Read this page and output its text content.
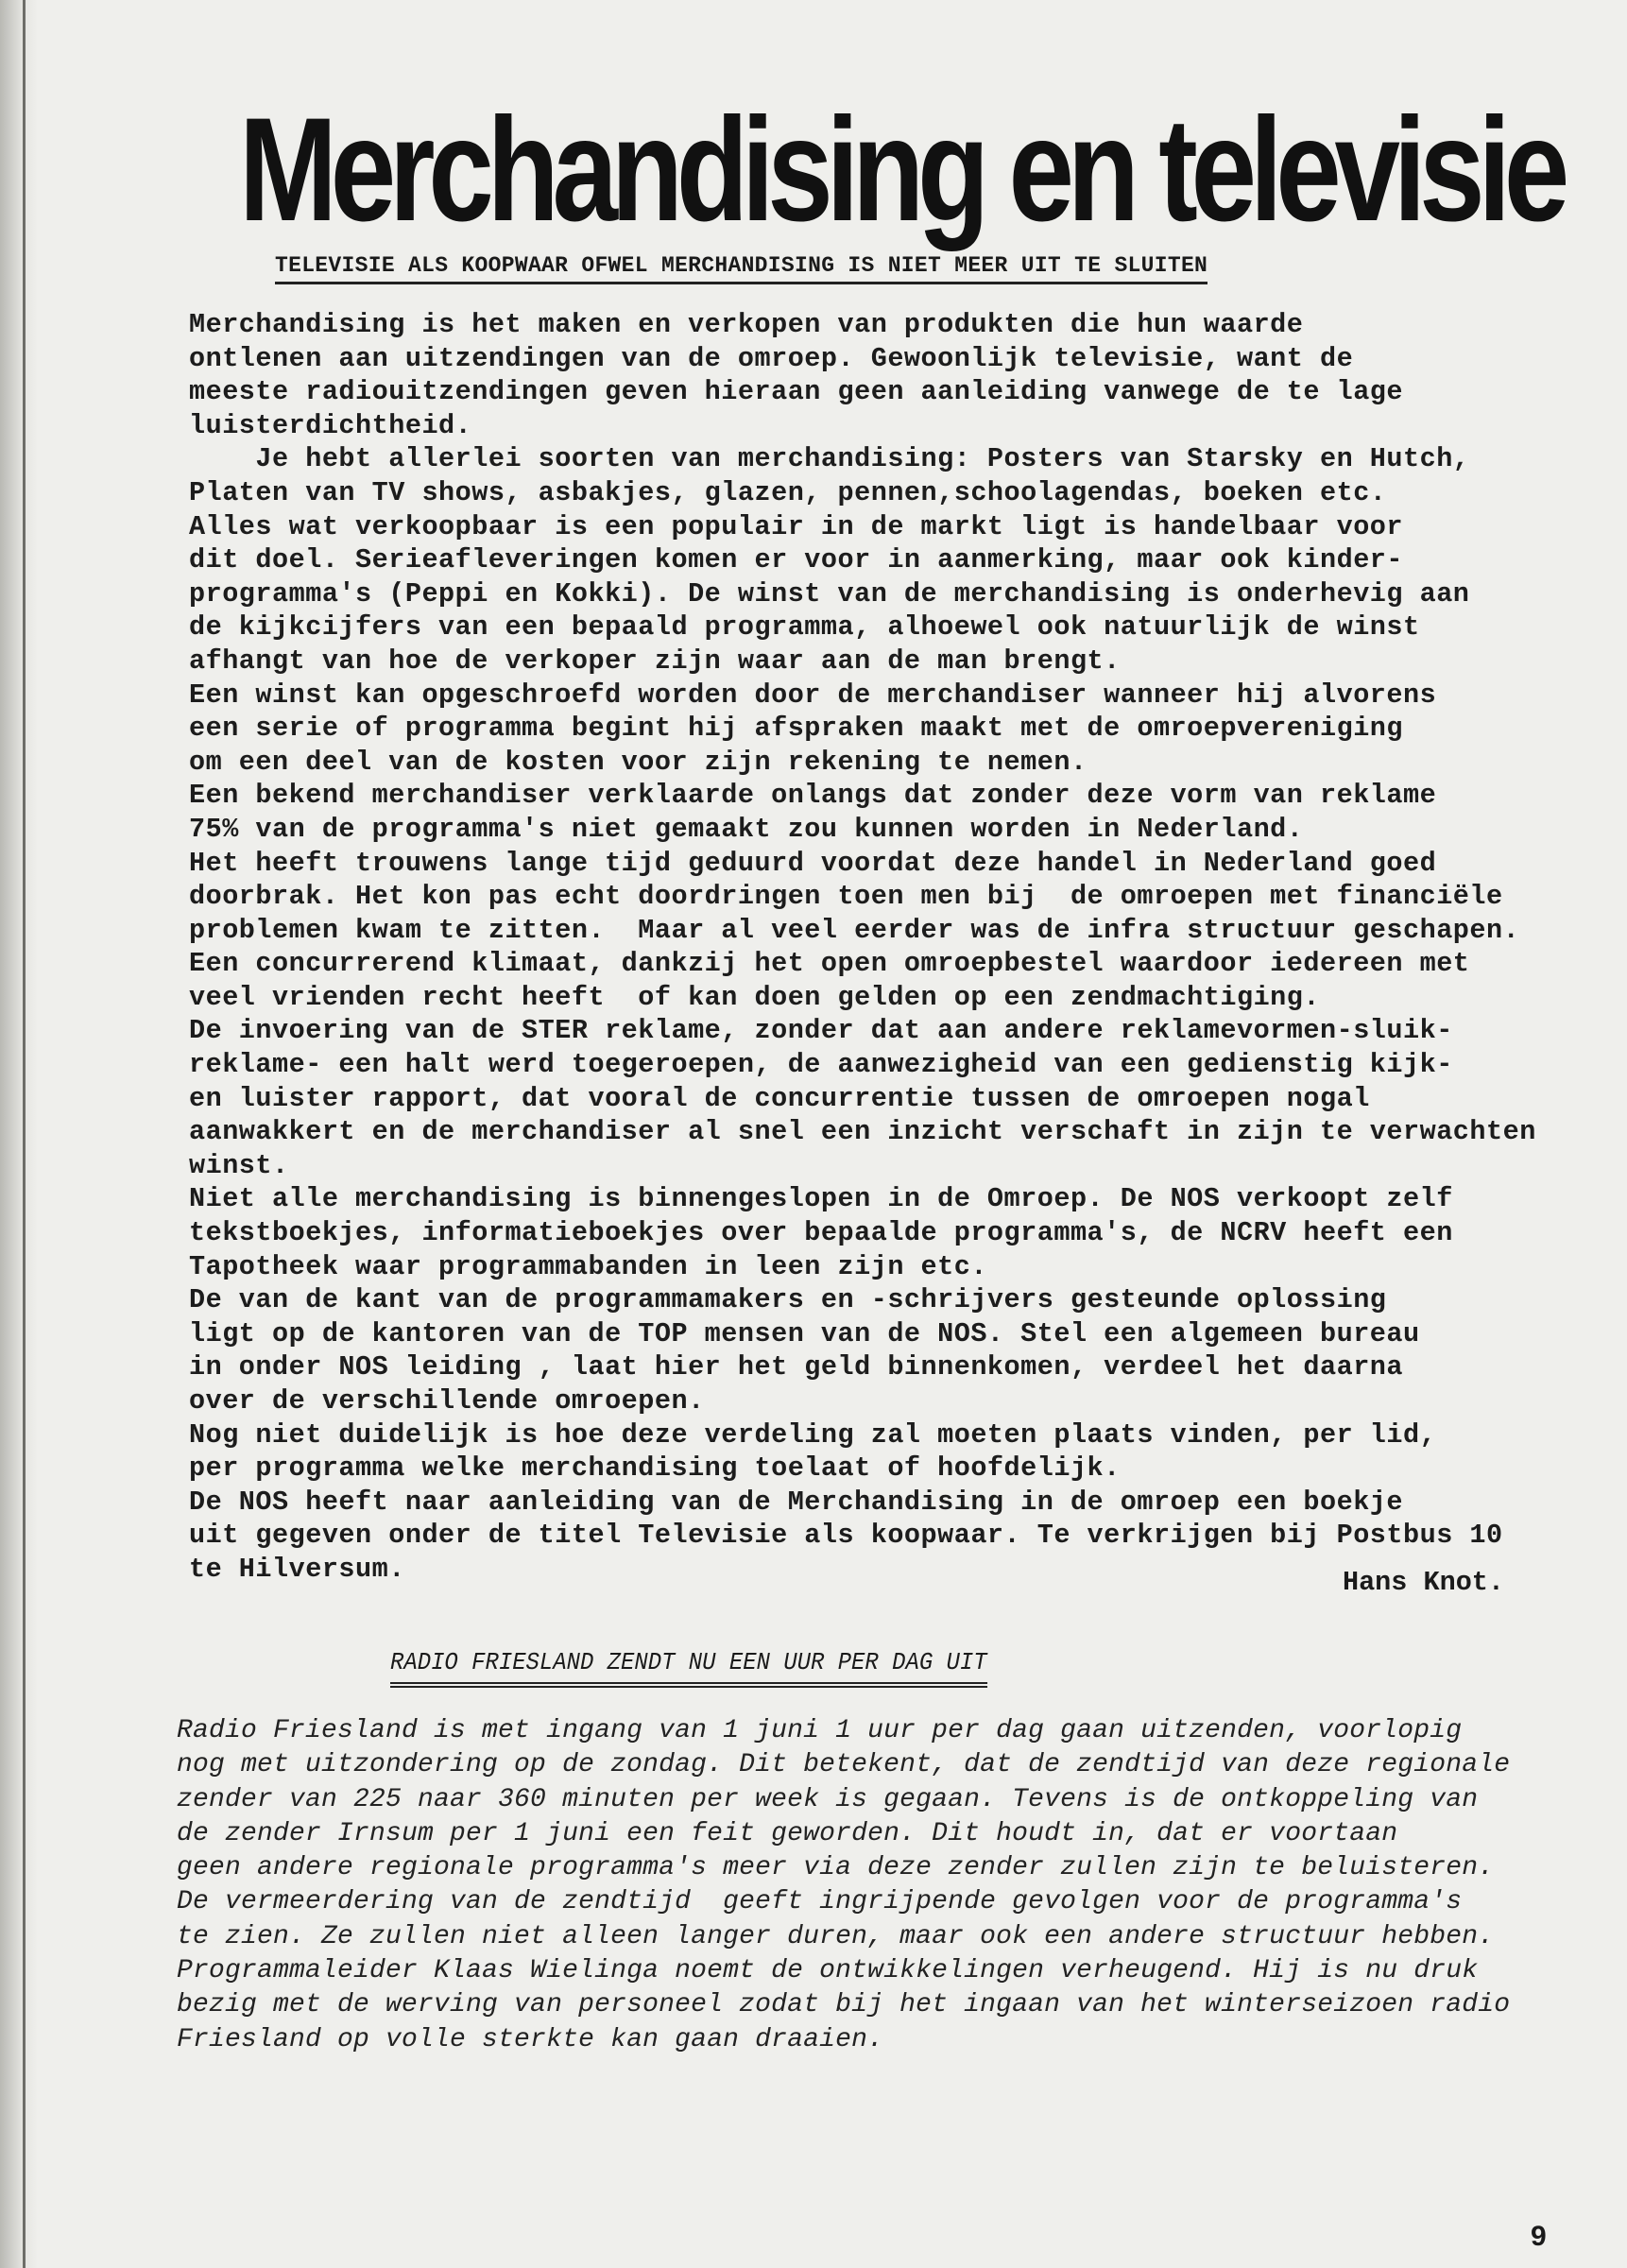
Merchandising en televisie
TELEVISIE ALS KOOPWAAR OFWEL MERCHANDISING IS NIET MEER UIT TE SLUITEN
Merchandising is het maken en verkopen van produkten die hun waarde
ontlenen aan uitzendingen van de omroep. Gewoonlijk televisie, want de
meeste radiouitzendingen geven hieraan geen aanleiding vanwege de te lage
luisterdichtheid.
Je hebt allerlei soorten van merchandising: Posters van Starsky en Hutch,
Platen van TV shows, asbakjes, glazen, pennen,schoolagendas, boeken etc.
Alles wat verkoopbaar is een populair in de markt ligt is handelbaar voor
dit doel. Serieafleveringen komen er voor in aanmerking, maar ook kinder-
programma's (Peppi en Kokki). De winst van de merchandising is onderhevig aan
de kijkcijfers van een bepaald programma, alhoewel ook natuurlijk de winst
afhangt van hoe de verkoper zijn waar aan de man brengt.
Een winst kan opgeschroefd worden door de merchandiser wanneer hij alvorens
een serie of programma begint hij afspraken maakt met de omroepvereniging
om een deel van de kosten voor zijn rekening te nemen.
Een bekend merchandiser verklaarde onlangs dat zonder deze vorm van reklame
75% van de programma's niet gemaakt zou kunnen worden in Nederland.
Het heeft trouwens lange tijd geduurd voordat deze handel in Nederland goed
doorbrak. Het kon pas echt doordringen toen men bij  de omroepen met financiële
problemen kwam te zitten.  Maar al veel eerder was de infra structuur geschapen.
Een concurrerend klimaat, dankzij het open omroepbestel waardoor iedereen met
veel vrienden recht heeft  of kan doen gelden op een zendmachtiging.
De invoering van de STER reklame, zonder dat aan andere reklamevormen-sluik-
reklame- een halt werd toegeroepen, de aanwezigheid van een gedienstig kijk-
en luister rapport, dat vooral de concurrentie tussen de omroepen nogal
aanwakkert en de merchandiser al snel een inzicht verschaft in zijn te verwachten
winst.
Niet alle merchandising is binnengeslopen in de Omroep. De NOS verkoopt zelf
tekstboekjes, informatieboekjes over bepaalde programma's, de NCRV heeft een
Tapotheek waar programmabanden in leen zijn etc.
De van de kant van de programmamakers en -schrijvers gesteunde oplossing
ligt op de kantoren van de TOP mensen van de NOS. Stel een algemeen bureau
in onder NOS leiding , laat hier het geld binnenkomen, verdeel het daarna
over de verschillende omroepen.
Nog niet duidelijk is hoe deze verdeling zal moeten plaats vinden, per lid,
per programma welke merchandising toelaat of hoofdelijk.
De NOS heeft naar aanleiding van de Merchandising in de omroep een boekje
uit gegeven onder de titel Televisie als koopwaar. Te verkrijgen bij Postbus 10
te Hilversum.	Hans Knot.
RADIO FRIESLAND ZENDT NU EEN UUR PER DAG UIT
Radio Friesland is met ingang van 1 juni 1 uur per dag gaan uitzenden, voorlopig
nog met uitzondering op de zondag. Dit betekent, dat de zendtijd van deze regionale
zender van 225 naar 360 minuten per week is gegaan. Tevens is de ontkoppeling van
de zender Irnsum per 1 juni een feit geworden. Dit houdt in, dat er voortaan
geen andere regionale programma's meer via deze zender zullen zijn te beluisteren.
De vermeerdering van de zendtijd  geeft ingrijpende gevolgen voor de programma's
te zien. Ze zullen niet alleen langer duren, maar ook een andere structuur hebben.
Programmaleider Klaas Wielinga noemt de ontwikkelingen verheugend. Hij is nu druk
bezig met de werving van personeel zodat bij het ingaan van het winterseizoen radio
Friesland op volle sterkte kan gaan draaien.
9
